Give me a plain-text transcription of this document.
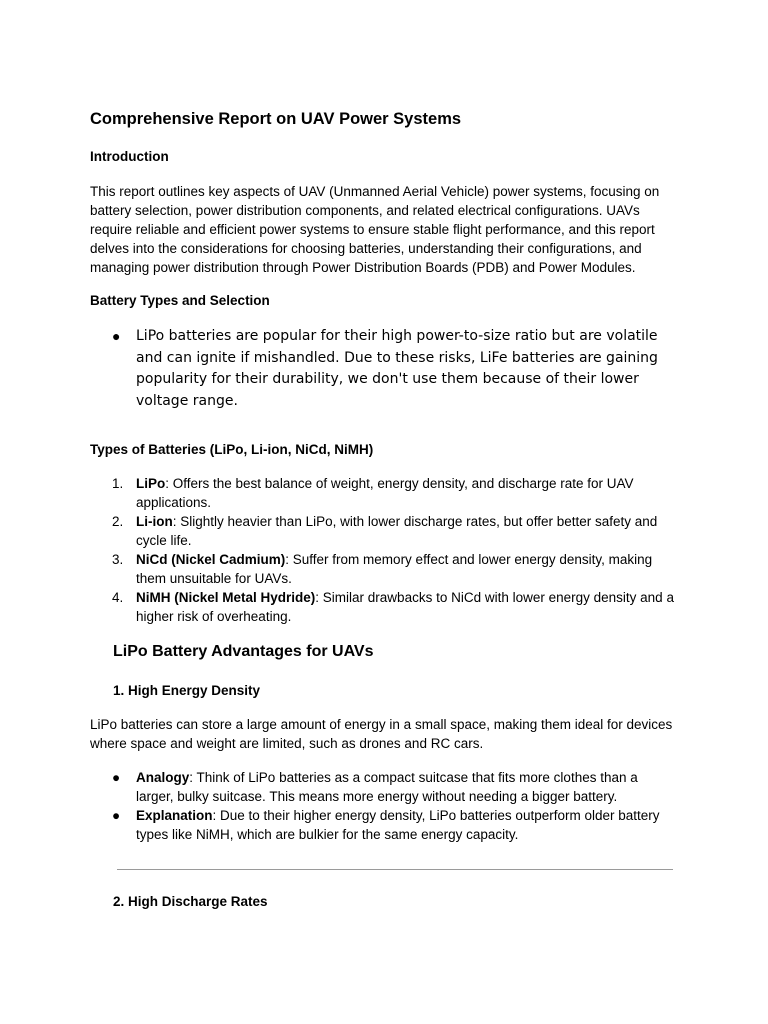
Comprehensive Report on UAV Power Systems
Introduction

This report outlines key aspects of UAV (Unmanned Aerial Vehicle) power systems, focusing on battery selection, power distribution components, and related electrical configurations. UAVs require reliable and efficient power systems to ensure stable flight performance, and this report delves into the considerations for choosing batteries, understanding their configurations, and managing power distribution through Power Distribution Boards (PDB) and Power Modules.

Battery Types and Selection
●	LiPo batteries are popular for their high power-to-size ratio but are volatile and can ignite if mishandled. Due to these risks, LiFe batteries are gaining popularity for their durability, we don't use them because of their lower voltage range.
Types of Batteries (LiPo, Li-ion, NiCd, NiMH)
1. LiPo: Offers the best balance of weight, energy density, and discharge rate for UAV applications.
2. Li-ion: Slightly heavier than LiPo, with lower discharge rates, but offer better safety and cycle life.
3. NiCd (Nickel Cadmium): Suffer from memory effect and lower energy density, making them unsuitable for UAVs.
4. NiMH (Nickel Metal Hydride): Similar drawbacks to NiCd with lower energy density and a higher risk of overheating.
LiPo Battery Advantages for UAVs
1. High Energy Density

LiPo batteries can store a large amount of energy in a small space, making them ideal for devices where space and weight are limited, such as drones and RC cars.

●	Analogy: Think of LiPo batteries as a compact suitcase that fits more clothes than a larger, bulky suitcase. This means more energy without needing a bigger battery.
●	Explanation: Due to their higher energy density, LiPo batteries outperform older battery types like NiMH, which are bulkier for the same energy capacity.
2. High Discharge Rates
